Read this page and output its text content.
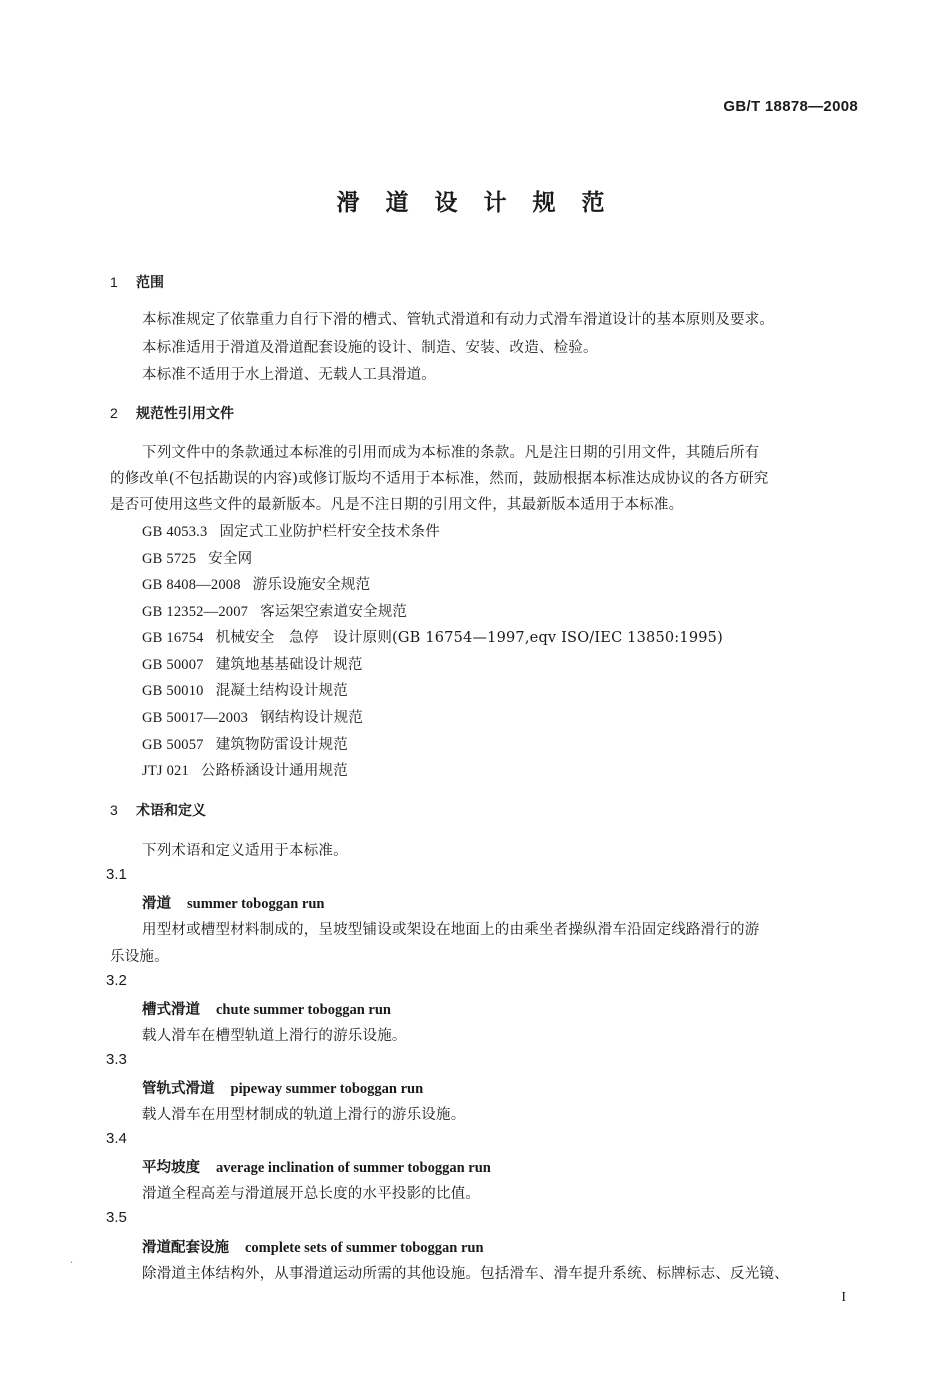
GB/T 18878—2008
滑 道 设 计 规 范
1 范围
本标准规定了依靠重力自行下滑的槽式、管轨式滑道和有动力式滑车滑道设计的基本原则及要求。
本标准适用于滑道及滑道配套设施的设计、制造、安装、改造、检验。
本标准不适用于水上滑道、无载人工具滑道。
2 规范性引用文件
下列文件中的条款通过本标准的引用而成为本标准的条款。凡是注日期的引用文件，其随后所有
的修改单(不包括勘误的内容)或修订版均不适用于本标准，然而，鼓励根据本标准达成协议的各方研究
是否可使用这些文件的最新版本。凡是不注日期的引用文件，其最新版本适用于本标准。
GB 4053.3 固定式工业防护栏杆安全技术条件
GB 5725 安全网
GB 8408—2008 游乐设施安全规范
GB 12352—2007 客运架空索道安全规范
GB 16754 机械安全　急停　设计原则(GB 16754—1997,eqv ISO/IEC 13850:1995)
GB 50007 建筑地基基础设计规范
GB 50010 混凝土结构设计规范
GB 50017—2003 钢结构设计规范
GB 50057 建筑物防雷设计规范
JTJ 021 公路桥涵设计通用规范
3 术语和定义
下列术语和定义适用于本标准。
3.1
滑道 summer toboggan run
用型材或槽型材料制成的，呈坡型铺设或架设在地面上的由乘坐者操纵滑车沿固定线路滑行的游
乐设施。
3.2
槽式滑道 chute summer toboggan run
载人滑车在槽型轨道上滑行的游乐设施。
3.3
管轨式滑道 pipeway summer toboggan run
载人滑车在用型材制成的轨道上滑行的游乐设施。
3.4
平均坡度 average inclination of summer toboggan run
滑道全程高差与滑道展开总长度的水平投影的比值。
3.5
滑道配套设施 complete sets of summer toboggan run
除滑道主体结构外，从事滑道运动所需的其他设施。包括滑车、滑车提升系统、标牌标志、反光镜、
·
I
